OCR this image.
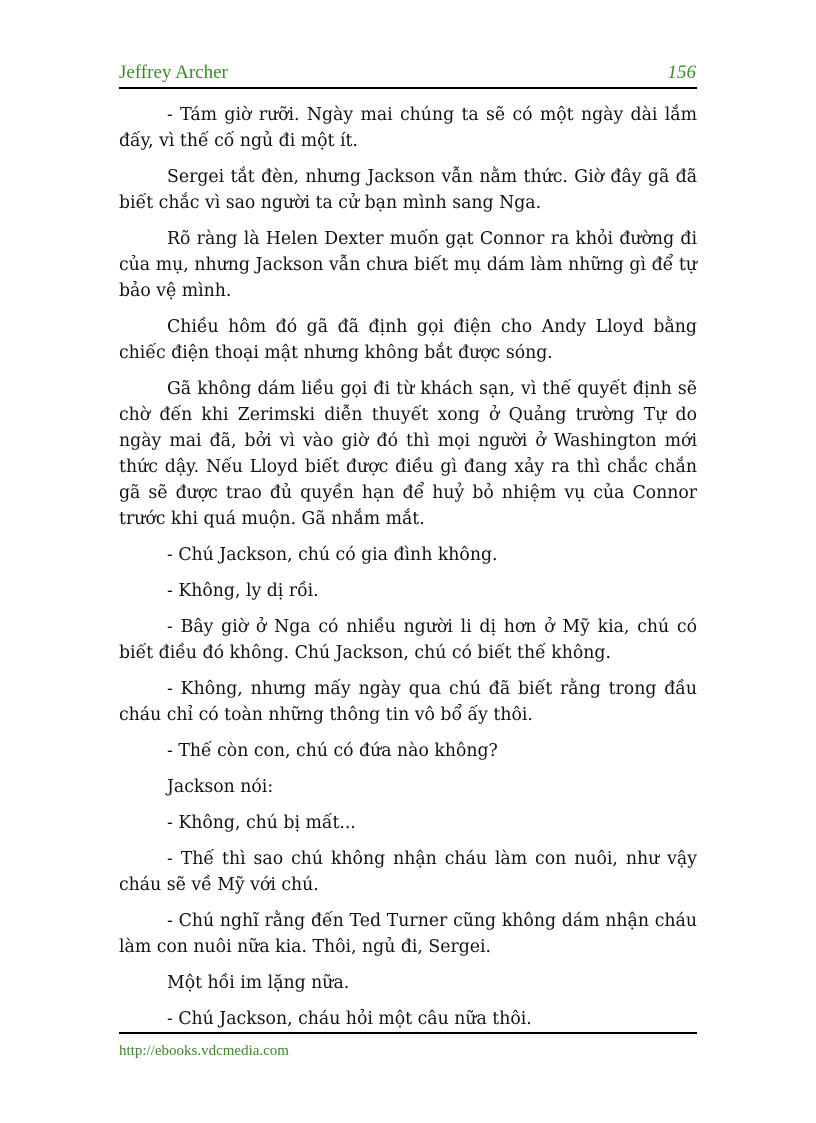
Jeffrey Archer	156

- Tám giờ rưỡi. Ngày mai chúng ta sẽ có một ngày dài lắm đấy, vì thế cố ngủ đi một ít.

Sergei tắt đèn, nhưng Jackson vẫn nằm thức. Giờ đây gã đã biết chắc vì sao người ta cử bạn mình sang Nga.

Rõ ràng là Helen Dexter muốn gạt Connor ra khỏi đường đi của mụ, nhưng Jackson vẫn chưa biết mụ dám làm những gì để tự bảo vệ mình.

Chiều hôm đó gã đã định gọi điện cho Andy Lloyd bằng chiếc điện thoại mật nhưng không bắt được sóng.

Gã không dám liều gọi đi từ khách sạn, vì thế quyết định sẽ chờ đến khi Zerimski diễn thuyết xong ở Quảng trường Tự do ngày mai đã, bởi vì vào giờ đó thì mọi người ở Washington mới thức dậy. Nếu Lloyd biết được điều gì đang xảy ra thì chắc chắn gã sẽ được trao đủ quyền hạn để huỷ bỏ nhiệm vụ của Connor trước khi quá muộn. Gã nhắm mắt.

- Chú Jackson, chú có gia đình không.

- Không, ly dị rồi.

- Bây giờ ở Nga có nhiều người li dị hơn ở Mỹ kia, chú có biết điều đó không. Chú Jackson, chú có biết thế không.

- Không, nhưng mấy ngày qua chú đã biết rằng trong đầu cháu chỉ có toàn những thông tin vô bổ ấy thôi.

- Thế còn con, chú có đứa nào không?

Jackson nói:

- Không, chú bị mất...

- Thế thì sao chú không nhận cháu làm con nuôi, như vậy cháu sẽ về Mỹ với chú.

- Chú nghĩ rằng đến Ted Turner cũng không dám nhận cháu làm con nuôi nữa kia. Thôi, ngủ đi, Sergei.

Một hồi im lặng nữa.

- Chú Jackson, cháu hỏi một câu nữa thôi.

http://ebooks.vdcmedia.com
